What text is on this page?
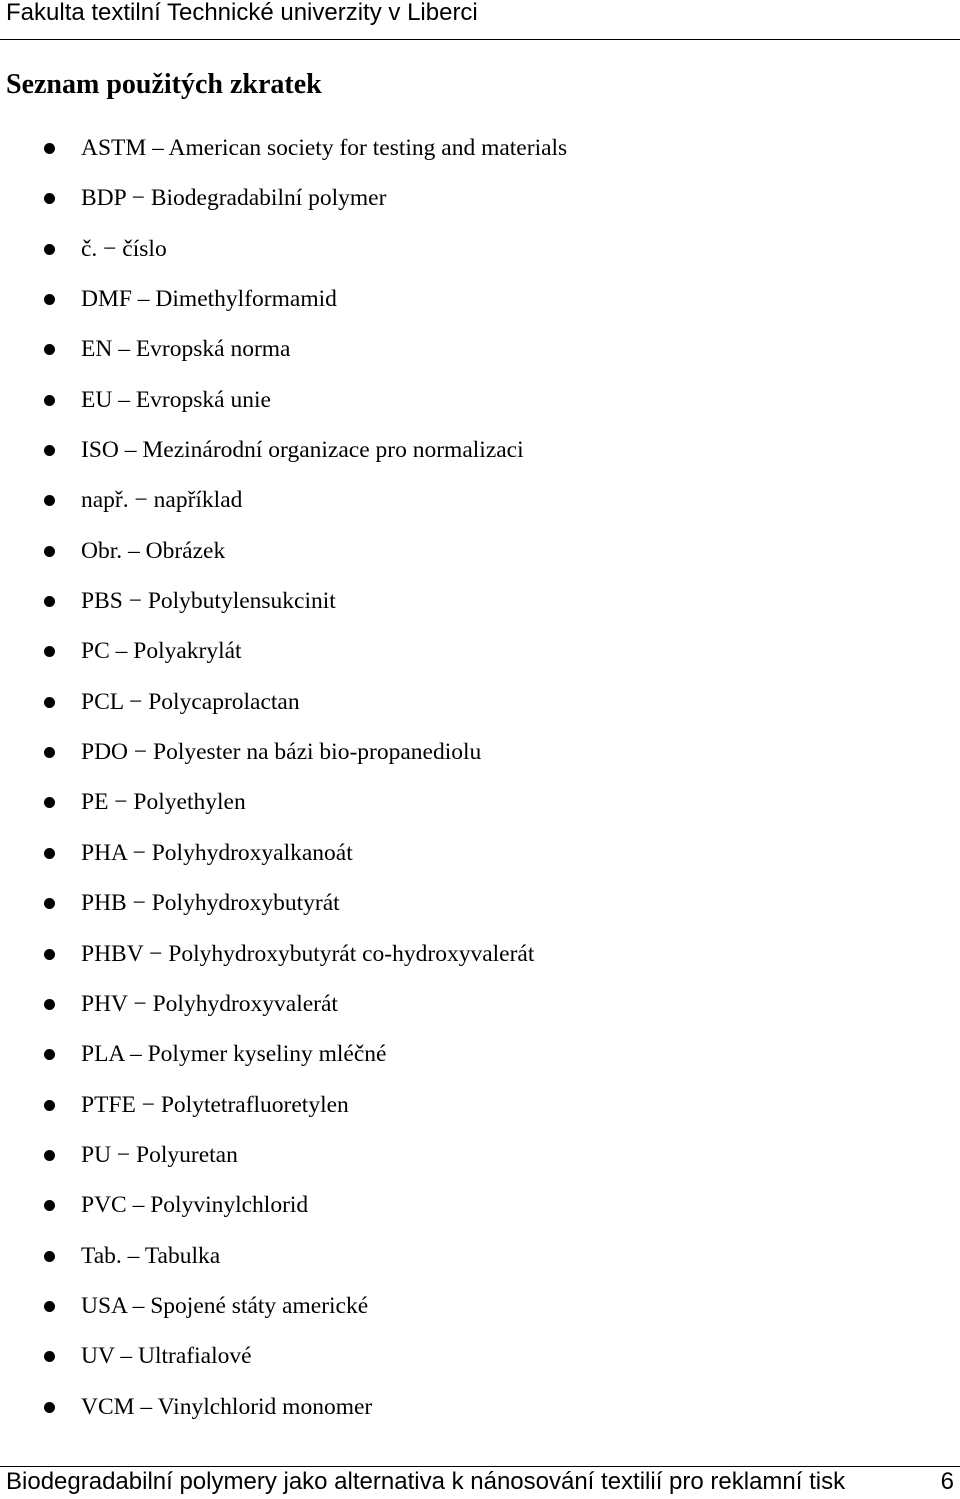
Fakulta textilní Technické univerzity v Liberci
Seznam použitých zkratek
ASTM – American society for testing and materials
BDP − Biodegradabilní polymer
č. − číslo
DMF – Dimethylformamid
EN – Evropská norma
EU – Evropská unie
ISO – Mezinárodní organizace pro normalizaci
např. − například
Obr. – Obrázek
PBS − Polybutylensukcinit
PC – Polyakrylát
PCL − Polycaprolactan
PDO − Polyester na bázi bio-propanediolu
PE − Polyethylen
PHA − Polyhydroxyalkanoát
PHB − Polyhydroxybutyrát
PHBV − Polyhydroxybutyrát co-hydroxyvalerát
PHV − Polyhydroxyvalerát
PLA – Polymer kyseliny mléčné
PTFE − Polytetrafluoretylen
PU − Polyuretan
PVC – Polyvinylchlorid
Tab. – Tabulka
USA – Spojené státy americké
UV – Ultrafialové
VCM – Vinylchlorid monomer
Biodegradabilní polymery jako alternativa k nánosování textilií pro reklamní tisk	6
